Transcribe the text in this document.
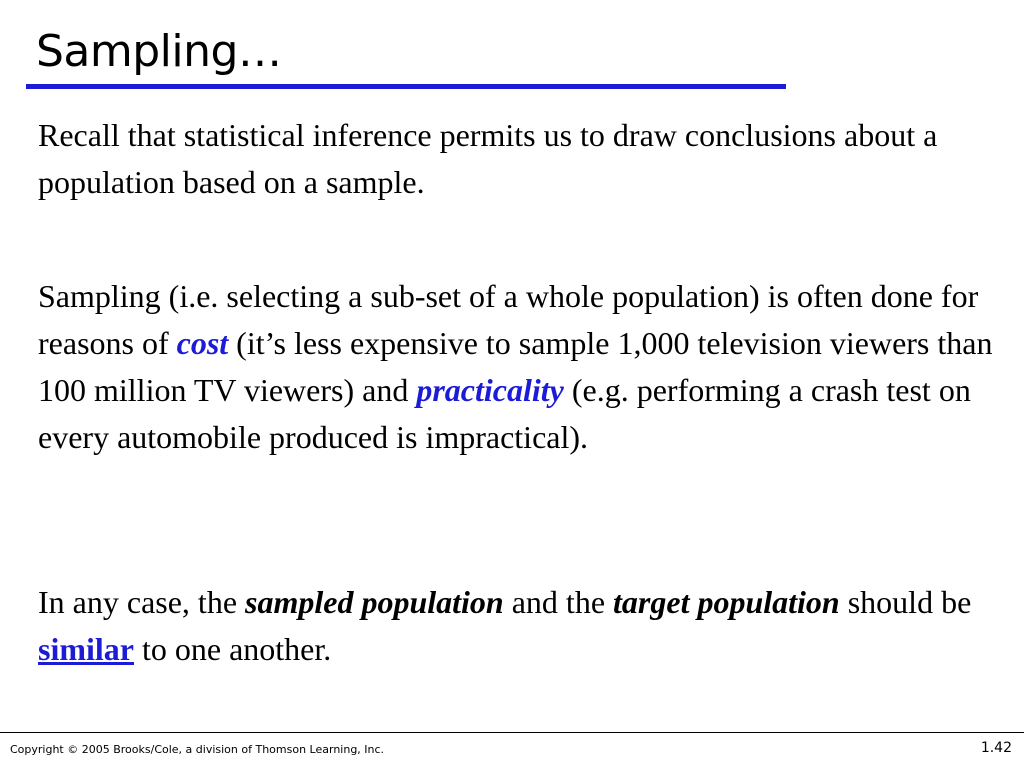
Sampling…
Recall that statistical inference permits us to draw conclusions about a population based on a sample.
Sampling (i.e. selecting a sub-set of a whole population) is often done for reasons of cost (it’s less expensive to sample 1,000 television viewers than 100 million TV viewers) and practicality (e.g. performing a crash test on every automobile produced is impractical).
In any case, the sampled population and the target population should be similar to one another.
Copyright © 2005 Brooks/Cole, a division of Thomson Learning, Inc.	1.42
